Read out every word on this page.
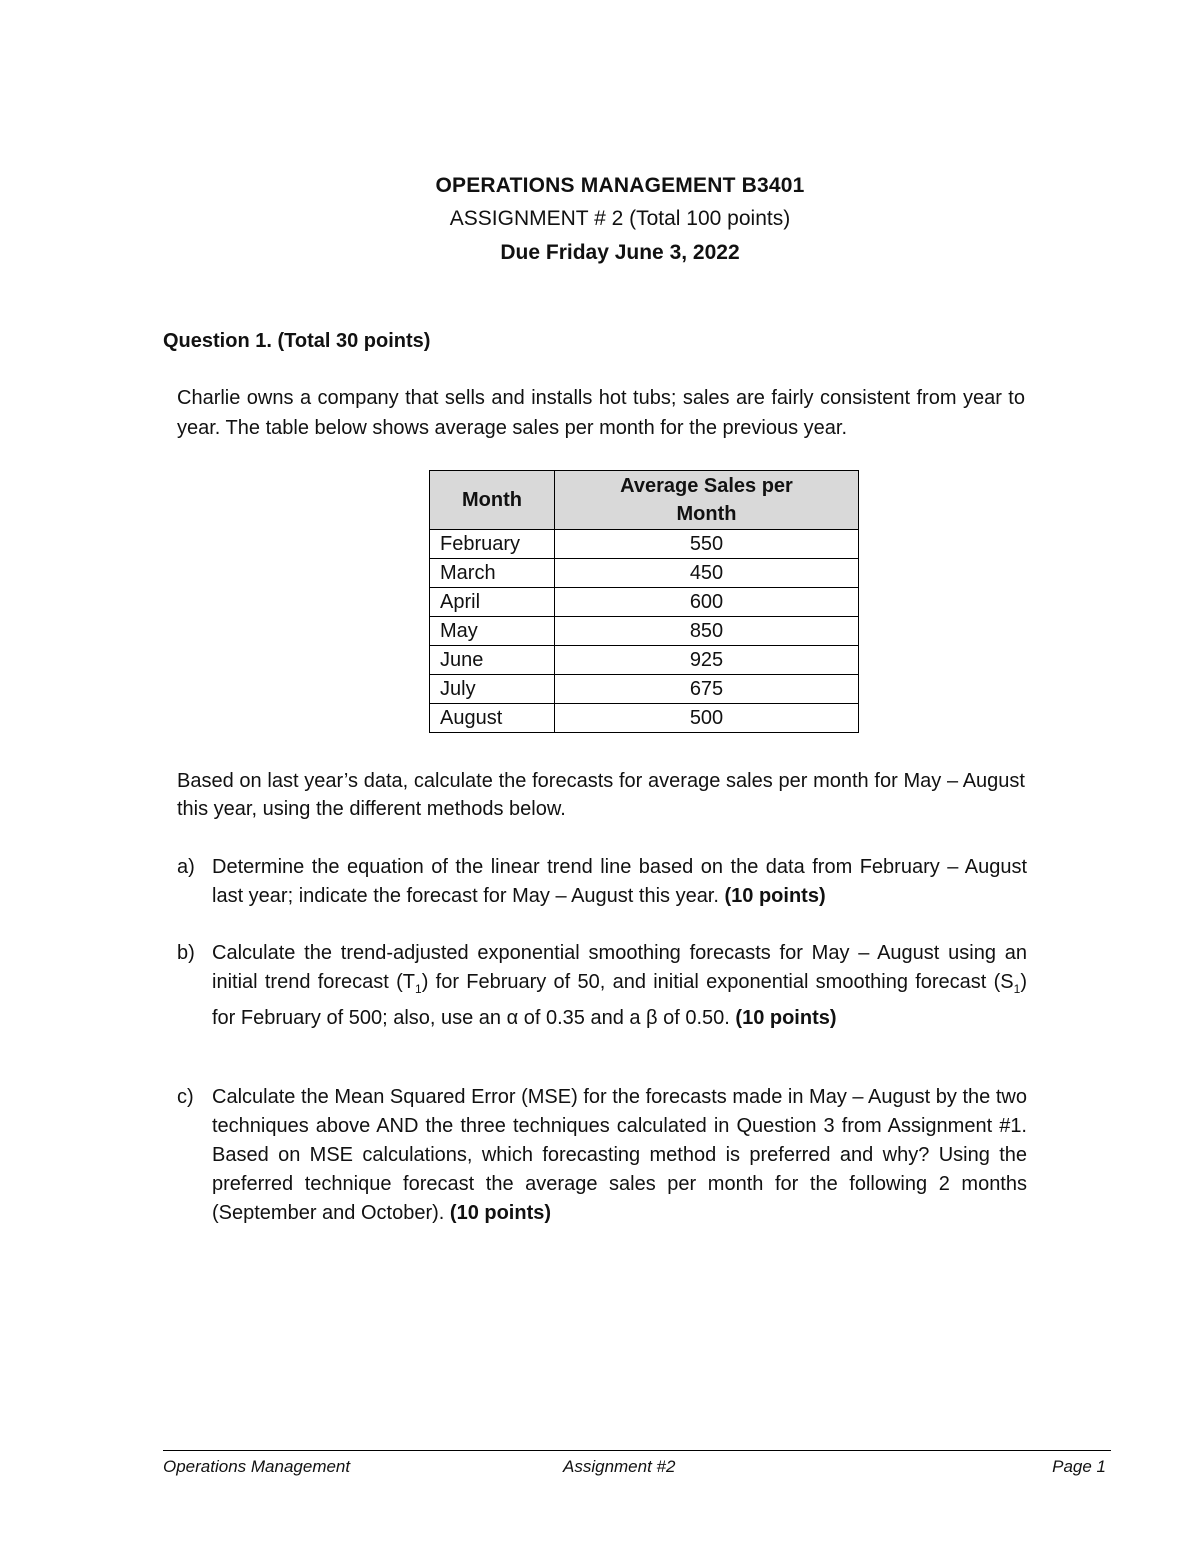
OPERATIONS MANAGEMENT B3401
ASSIGNMENT # 2 (Total 100 points)
Due Friday June 3, 2022
Question 1. (Total 30 points)
Charlie owns a company that sells and installs hot tubs; sales are fairly consistent from year to year. The table below shows average sales per month for the previous year.
Month	Average Sales per Month
February	550
March	450
April	600
May	850
June	925
July	675
August	500
Based on last year’s data, calculate the forecasts for average sales per month for May – August this year, using the different methods below.
a) Determine the equation of the linear trend line based on the data from February – August last year; indicate the forecast for May – August this year. (10 points)
b) Calculate the trend-adjusted exponential smoothing forecasts for May – August using an initial trend forecast $(T_1)$ for February of 50, and initial exponential smoothing forecast $(S_1)$ for February of 500; also, use an α of 0.35 and a β of 0.50. (10 points)
c) Calculate the Mean Squared Error (MSE) for the forecasts made in May – August by the two techniques above AND the three techniques calculated in Question 3 from Assignment #1. Based on MSE calculations, which forecasting method is preferred and why? Using the preferred technique forecast the average sales per month for the following 2 months (September and October). (10 points)
Operations Management	Assignment #2	Page 1
